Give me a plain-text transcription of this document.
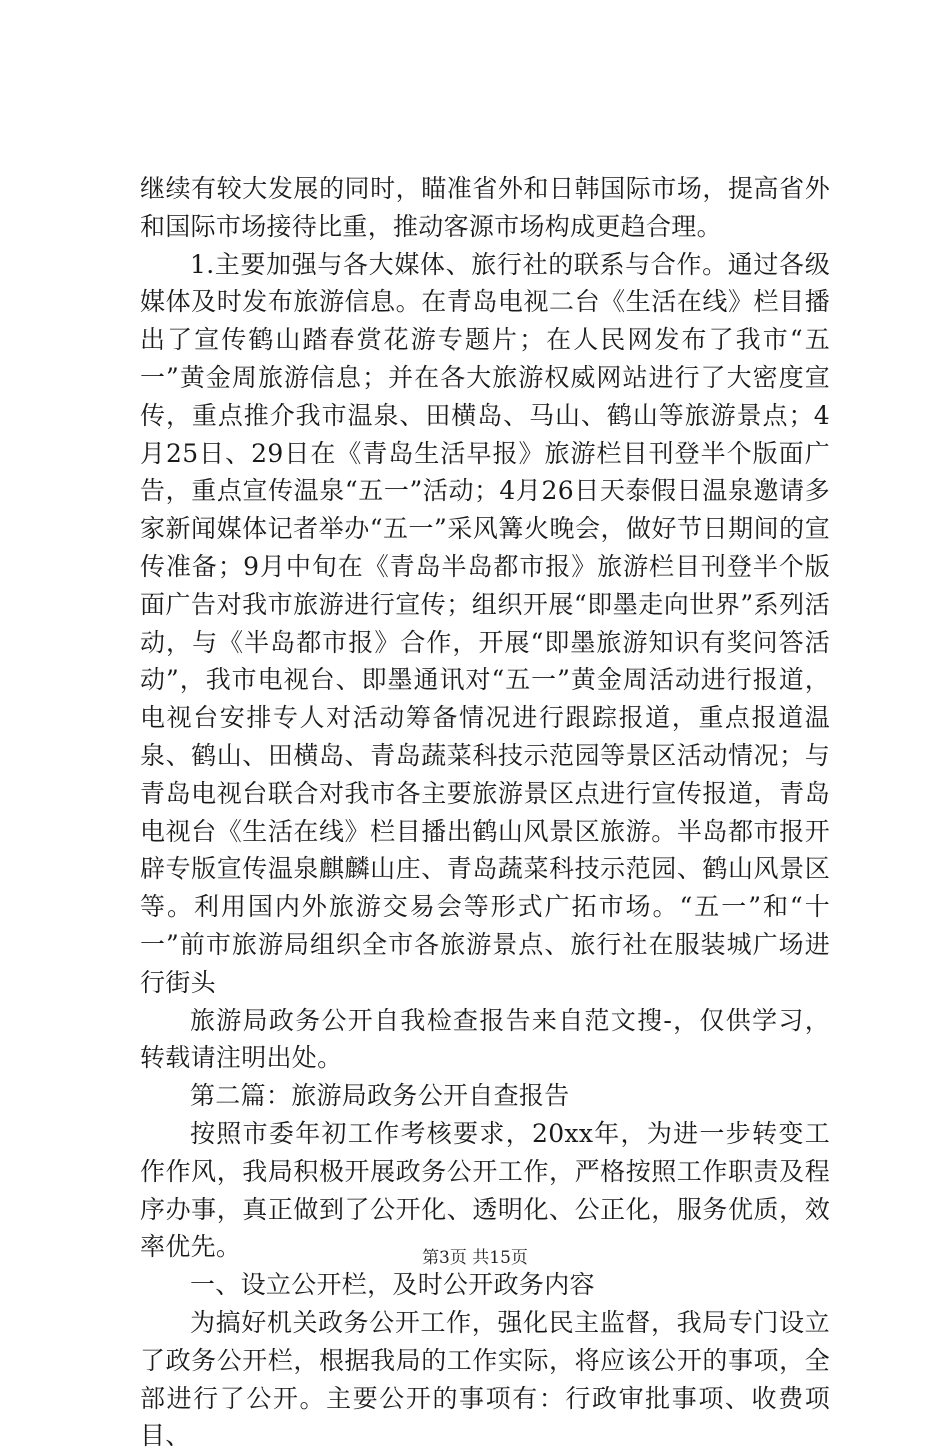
继续有较大发展的同时，瞄准省外和日韩国际市场，提高省外和国际市场接待比重，推动客源市场构成更趋合理。

1.主要加强与各大媒体、旅行社的联系与合作。通过各级媒体及时发布旅游信息。在青岛电视二台《生活在线》栏目播出了宣传鹤山踏春赏花游专题片；在人民网发布了我市“五一”黄金周旅游信息；并在各大旅游权威网站进行了大密度宣传，重点推介我市温泉、田横岛、马山、鹤山等旅游景点；4月25日、29日在《青岛生活早报》旅游栏目刊登半个版面广告，重点宣传温泉“五一”活动；4月26日天泰假日温泉邀请多家新闻媒体记者举办“五一”采风篝火晚会，做好节日期间的宣传准备；9月中旬在《青岛半岛都市报》旅游栏目刊登半个版面广告对我市旅游进行宣传；组织开展“即墨走向世界”系列活动，与《半岛都市报》合作，开展“即墨旅游知识有奖问答活动”，我市电视台、即墨通讯对“五一”黄金周活动进行报道，电视台安排专人对活动筹备情况进行跟踪报道，重点报道温泉、鹤山、田横岛、青岛蔬菜科技示范园等景区活动情况；与青岛电视台联合对我市各主要旅游景区点进行宣传报道，青岛电视台《生活在线》栏目播出鹤山风景区旅游。半岛都市报开辟专版宣传温泉麒麟山庄、青岛蔬菜科技示范园、鹤山风景区等。利用国内外旅游交易会等形式广拓市场。“五一”和“十一”前市旅游局组织全市各旅游景点、旅行社在服装城广场进行街头

旅游局政务公开自我检查报告来自范文搜-，仅供学习，转载请注明出处。

第二篇：旅游局政务公开自查报告

按照市委年初工作考核要求，20xx年，为进一步转变工作作风，我局积极开展政务公开工作，严格按照工作职责及程序办事，真正做到了公开化、透明化、公正化，服务优质，效率优先。

一、设立公开栏，及时公开政务内容

为搞好机关政务公开工作，强化民主监督，我局专门设立了政务公开栏，根据我局的工作实际，将应该公开的事项，全部进行了公开。主要公开的事项有：行政审批事项、收费项目、

第3页 共15页
